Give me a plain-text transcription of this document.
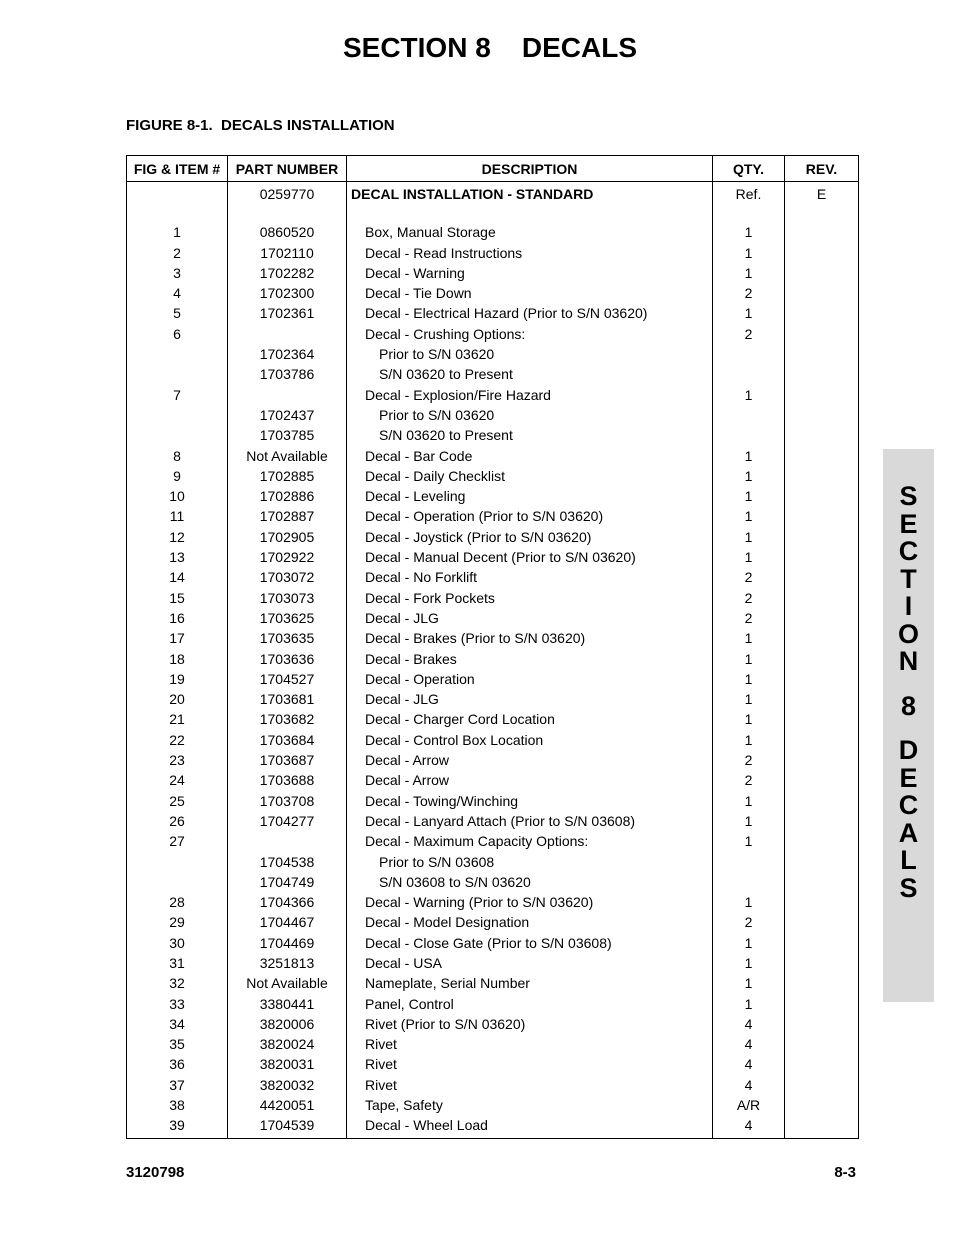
SECTION 8    DECALS
FIGURE 8-1.  DECALS INSTALLATION
FIG & ITEM #	PART NUMBER	DESCRIPTION	QTY.	REV.
	0259770	DECAL INSTALLATION - STANDARD	Ref.	E

1	0860520	Box, Manual Storage	1	
2	1702110	Decal - Read Instructions	1	
3	1702282	Decal - Warning	1	
4	1702300	Decal - Tie Down	2	
5	1702361	Decal - Electrical Hazard (Prior to S/N 03620)	1	
6		Decal - Crushing Options:	2	
	1702364	Prior to S/N 03620		
	1703786	S/N 03620 to Present		
7		Decal - Explosion/Fire Hazard	1	
	1702437	Prior to S/N 03620		
	1703785	S/N 03620 to Present		
8	Not Available	Decal - Bar Code	1	
9	1702885	Decal - Daily Checklist	1	
10	1702886	Decal - Leveling	1	
11	1702887	Decal - Operation (Prior to S/N 03620)	1	
12	1702905	Decal - Joystick (Prior to S/N 03620)	1	
13	1702922	Decal - Manual Decent (Prior to S/N 03620)	1	
14	1703072	Decal - No Forklift	2	
15	1703073	Decal - Fork Pockets	2	
16	1703625	Decal - JLG	2	
17	1703635	Decal - Brakes (Prior to S/N 03620)	1	
18	1703636	Decal - Brakes	1	
19	1704527	Decal - Operation	1	
20	1703681	Decal - JLG	1	
21	1703682	Decal - Charger Cord Location	1	
22	1703684	Decal - Control Box Location	1	
23	1703687	Decal - Arrow	2	
24	1703688	Decal - Arrow	2	
25	1703708	Decal - Towing/Winching	1	
26	1704277	Decal - Lanyard Attach (Prior to S/N 03608)	1	
27		Decal - Maximum Capacity Options:	1	
	1704538	Prior to S/N 03608		
	1704749	S/N 03608 to S/N 03620		
28	1704366	Decal - Warning (Prior to S/N 03620)	1	
29	1704467	Decal - Model Designation	2	
30	1704469	Decal - Close Gate (Prior to S/N 03608)	1	
31	3251813	Decal - USA	1	
32	Not Available	Nameplate, Serial Number	1	
33	3380441	Panel, Control	1	
34	3820006	Rivet (Prior to S/N 03620)	4	
35	3820024	Rivet	4	
36	3820031	Rivet	4	
37	3820032	Rivet	4	
38	4420051	Tape, Safety	A/R	
39	1704539	Decal - Wheel Load	4	
S
E
C
T
I
O
N
8
D
E
C
A
L
S
3120798	8-3
